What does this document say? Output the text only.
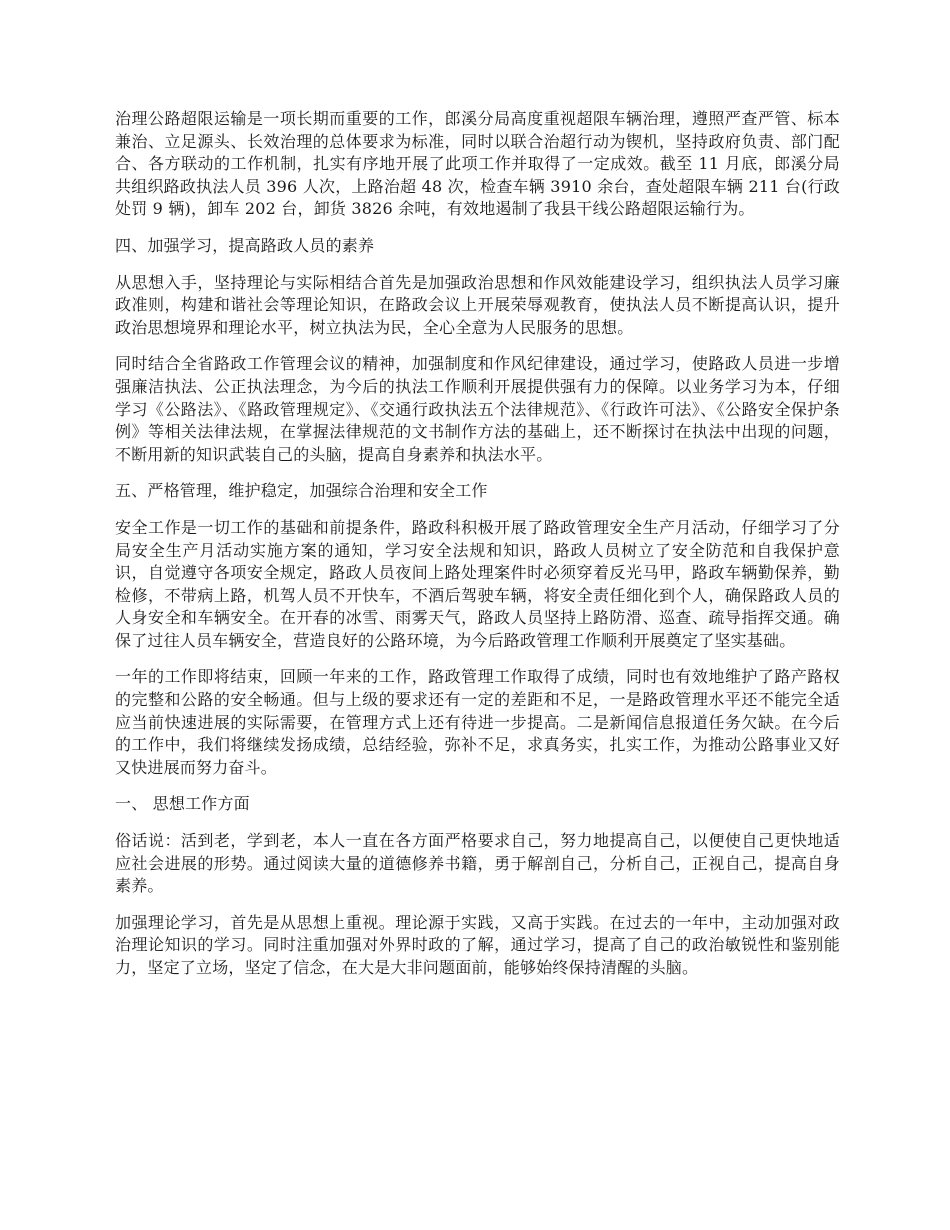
治理公路超限运输是一项长期而重要的工作，郎溪分局高度重视超限车辆治理，遵照严查严管、标本兼治、立足源头、长效治理的总体要求为标准，同时以联合治超行动为锲机，坚持政府负责、部门配合、各方联动的工作机制，扎实有序地开展了此项工作并取得了一定成效。截至 11 月底，郎溪分局共组织路政执法人员 396 人次，上路治超 48 次，检查车辆 3910 余台，查处超限车辆 211 台(行政处罚 9 辆)，卸车 202 台，卸货 3826 余吨，有效地遏制了我县干线公路超限运输行为。

四、加强学习，提高路政人员的素养

从思想入手，坚持理论与实际相结合首先是加强政治思想和作风效能建设学习，组织执法人员学习廉政准则，构建和谐社会等理论知识，在路政会议上开展荣辱观教育，使执法人员不断提高认识，提升政治思想境界和理论水平，树立执法为民，全心全意为人民服务的思想。

同时结合全省路政工作管理会议的精神，加强制度和作风纪律建设，通过学习，使路政人员进一步增强廉洁执法、公正执法理念，为今后的执法工作顺利开展提供强有力的保障。以业务学习为本，仔细学习《公路法》、《路政管理规定》、《交通行政执法五个法律规范》、《行政许可法》、《公路安全保护条例》等相关法律法规，在掌握法律规范的文书制作方法的基础上，还不断探讨在执法中出现的问题，不断用新的知识武装自己的头脑，提高自身素养和执法水平。

五、严格管理，维护稳定，加强综合治理和安全工作

安全工作是一切工作的基础和前提条件，路政科积极开展了路政管理安全生产月活动，仔细学习了分局安全生产月活动实施方案的通知，学习安全法规和知识，路政人员树立了安全防范和自我保护意识，自觉遵守各项安全规定，路政人员夜间上路处理案件时必须穿着反光马甲，路政车辆勤保养，勤检修，不带病上路，机驾人员不开快车，不酒后驾驶车辆，将安全责任细化到个人，确保路政人员的人身安全和车辆安全。在开春的冰雪、雨雾天气，路政人员坚持上路防滑、巡查、疏导指挥交通。确保了过往人员车辆安全，营造良好的公路环境，为今后路政管理工作顺利开展奠定了坚实基础。

一年的工作即将结束，回顾一年来的工作，路政管理工作取得了成绩，同时也有效地维护了路产路权的完整和公路的安全畅通。但与上级的要求还有一定的差距和不足，一是路政管理水平还不能完全适应当前快速进展的实际需要，在管理方式上还有待进一步提高。二是新闻信息报道任务欠缺。在今后的工作中，我们将继续发扬成绩，总结经验，弥补不足，求真务实，扎实工作，为推动公路事业又好又快进展而努力奋斗。

一、 思想工作方面

俗话说：活到老，学到老，本人一直在各方面严格要求自己，努力地提高自己，以便使自己更快地适应社会进展的形势。通过阅读大量的道德修养书籍，勇于解剖自己，分析自己，正视自己，提高自身素养。

加强理论学习，首先是从思想上重视。理论源于实践，又高于实践。在过去的一年中，主动加强对政治理论知识的学习。同时注重加强对外界时政的了解，通过学习，提高了自己的政治敏锐性和鉴别能力，坚定了立场，坚定了信念，在大是大非问题面前，能够始终保持清醒的头脑。
